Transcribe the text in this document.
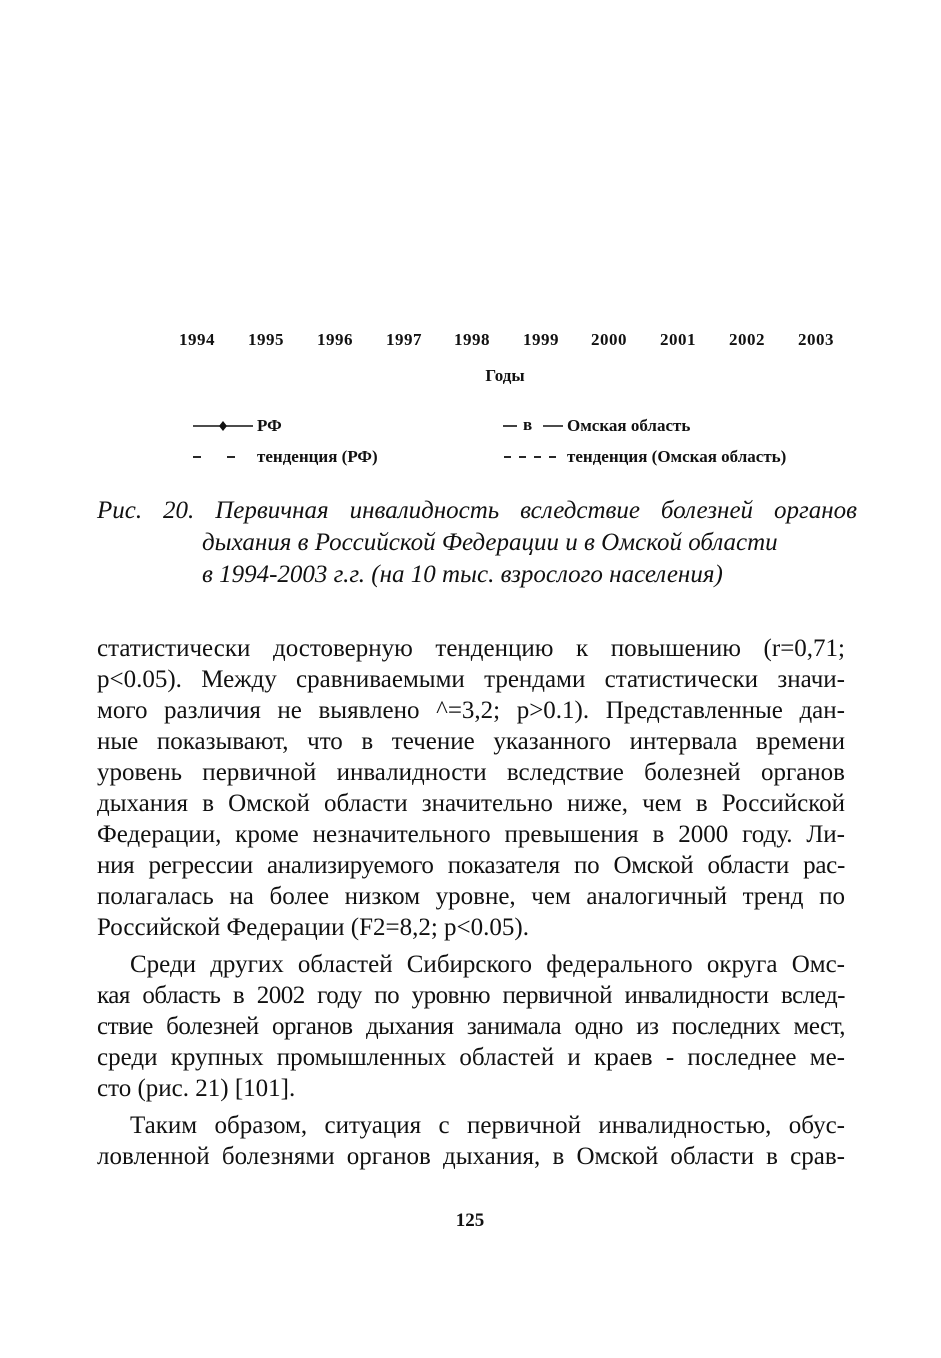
1994	1995	1996	1997	1998	1999	2000	2001	2002	2003
Годы
РФ	в Омская область
тенденция (РФ)	тенденция (Омская область)
Рис. 20. Первичная инвалидность вследствие болезней органов
дыхания в Российской Федерации и в Омской области
в 1994-2003 г.г. (на 10 тыс. взрослого населения)
статистически достоверную тенденцию к повышению (r=0,71;
p<0.05). Между сравниваемыми трендами статистически значи-
мого различия не выявлено ^=3,2; p>0.1). Представленные дан-
ные показывают, что в течение указанного интервала времени
уровень первичной инвалидности вследствие болезней органов
дыхания в Омской области значительно ниже, чем в Российской
Федерации, кроме незначительного превышения в 2000 году. Ли-
ния регрессии анализируемого показателя по Омской области рас-
полагалась на более низком уровне, чем аналогичный тренд по
Российской Федерации (F2=8,2; p<0.05).
Среди других областей Сибирского федерального округа Омс-
кая область в 2002 году по уровню первичной инвалидности вслед-
ствие болезней органов дыхания занимала одно из последних мест,
среди крупных промышленных областей и краев - последнее ме-
сто (рис. 21) [101].
Таким образом, ситуация с первичной инвалидностью, обус-
ловленной болезнями органов дыхания, в Омской области в срав-
125
